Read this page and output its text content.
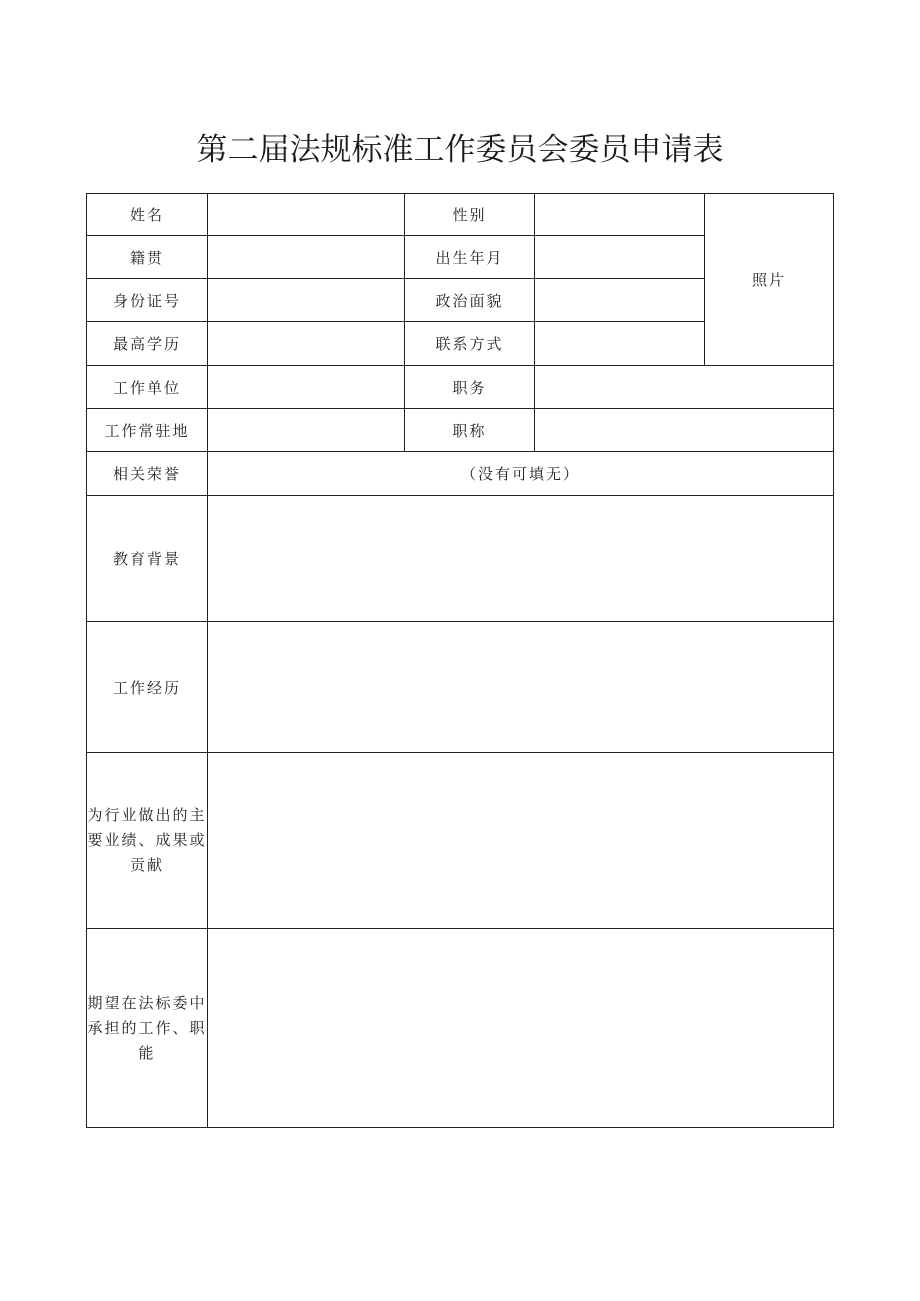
第二届法规标准工作委员会委员申请表
姓名		性别		照片
籍贯		出生年月		
身份证号		政治面貌		
最高学历		联系方式		
工作单位		职务		
工作常驻地		职称		
相关荣誉	（没有可填无）			
教育背景				
工作经历				
为行业做出的主要业绩、成果或贡献				
期望在法标委中承担的工作、职能				
